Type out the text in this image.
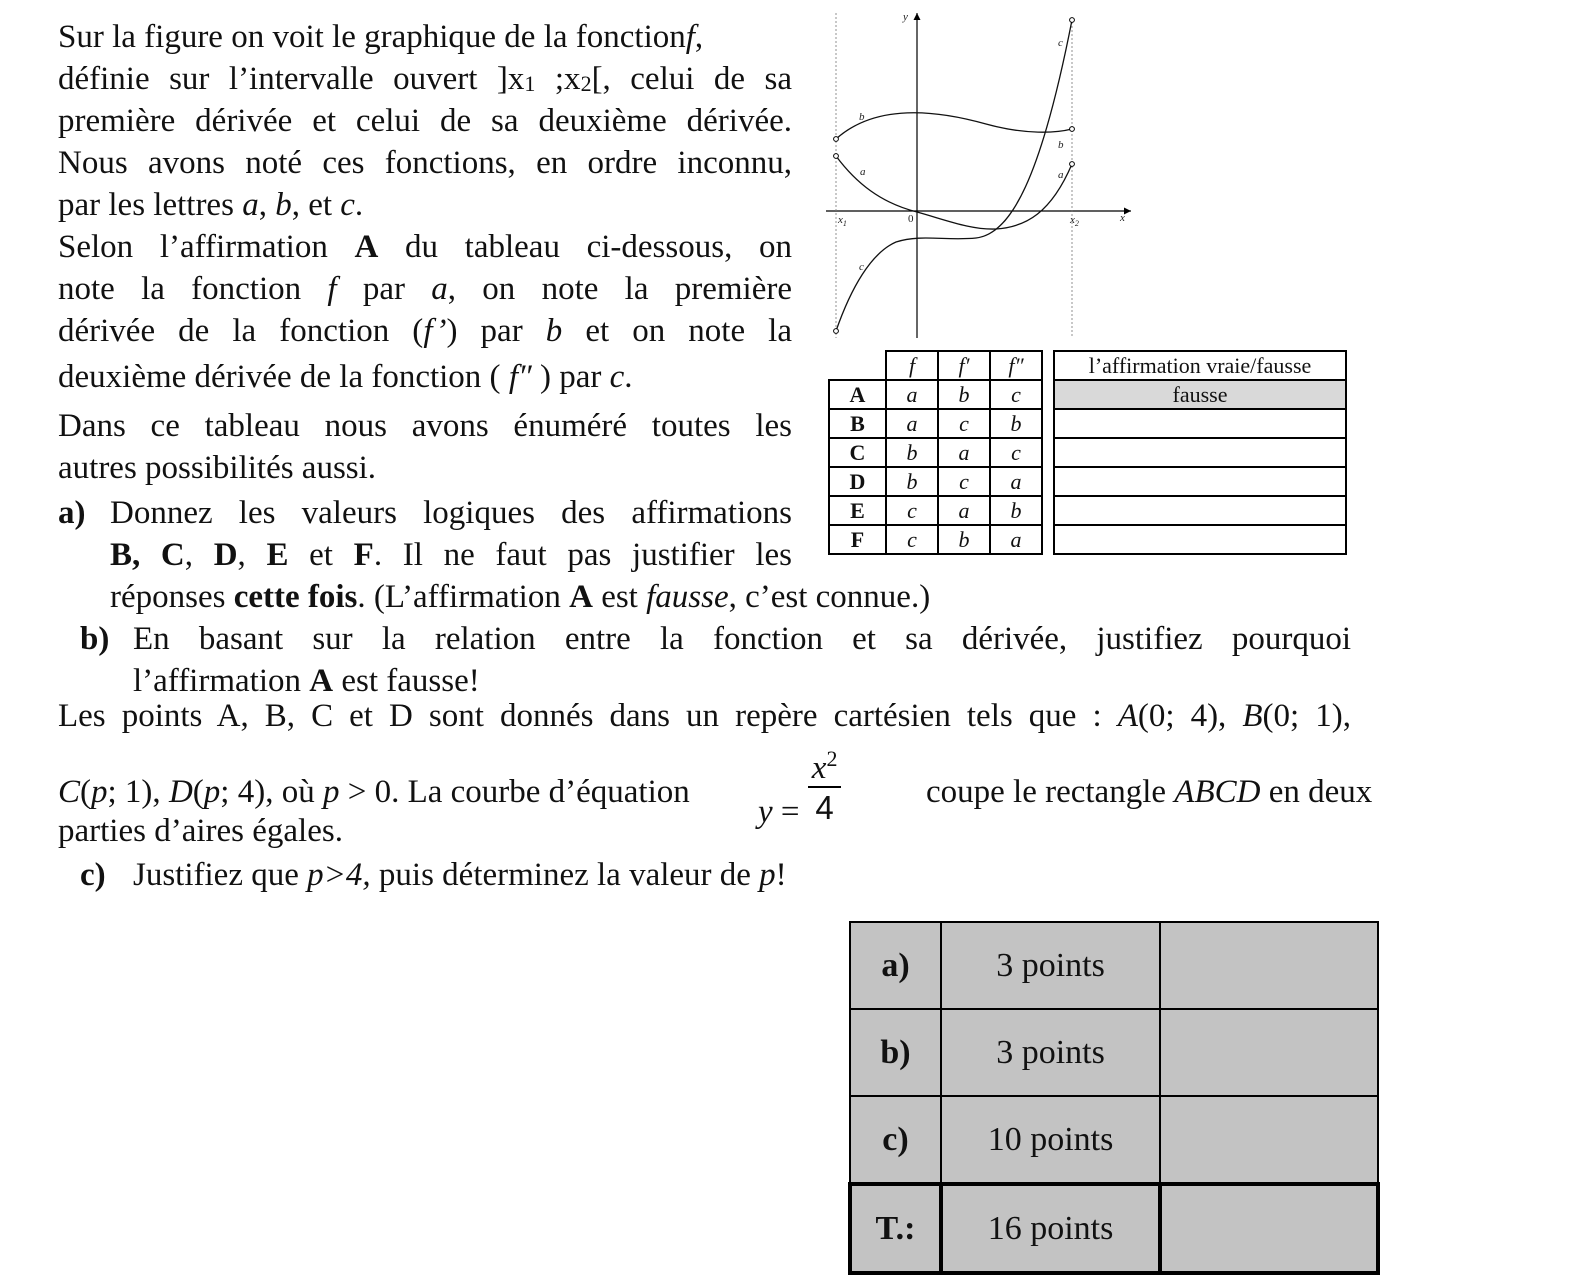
Sur la figure on voit le graphique de la fonctionf,
définie sur l’intervalle ouvert ]$x_1$ $;x_2$[, celui de sa
première dérivée et celui de sa deuxième dérivée.
Nous avons noté ces fonctions, en ordre inconnu,
par les lettres a, b, et c.
Selon l’affirmation A du tableau ci-dessous, on
note la fonction f par a, on note la première
dérivée de la fonction (f’) par b et on note la
deuxième dérivée de la fonction ( f″ ) par c.
Dans ce tableau nous avons énuméré toutes les
autres possibilités aussi.
a) Donnez les valeurs logiques des affirmations
B, C, D, E et F. Il ne faut pas justifier les
réponses cette fois. (L’affirmation A est fausse, c’est connue.)
b) En basant sur la relation entre la fonction et sa dérivée, justifiez pourquoi
l’affirmation A est fausse!
Les points A, B, C et D sont donnés dans un repère cartésien tels que : A(0; 4), B(0; 1),
C(p; 1), D(p; 4), où p > 0. La courbe d’équation
$y = \frac{x^2}{4}$	coupe le rectangle ABCD en deux
parties d’aires égales.
c) Justifiez que p>4, puis déterminez la valeur de p!
y
x
0
$x_1$	$x_2$
a
b
c
a
b
c
	f	f′	f″		l’affirmation vraie/fausse
A	a	b	c		fausse
B	a	c	b		
C	b	a	c		
D	b	c	a		
E	c	a	b		
F	c	b	a		
a)	3 points	
b)	3 points	
c)	10 points	
T.:	16 points	
